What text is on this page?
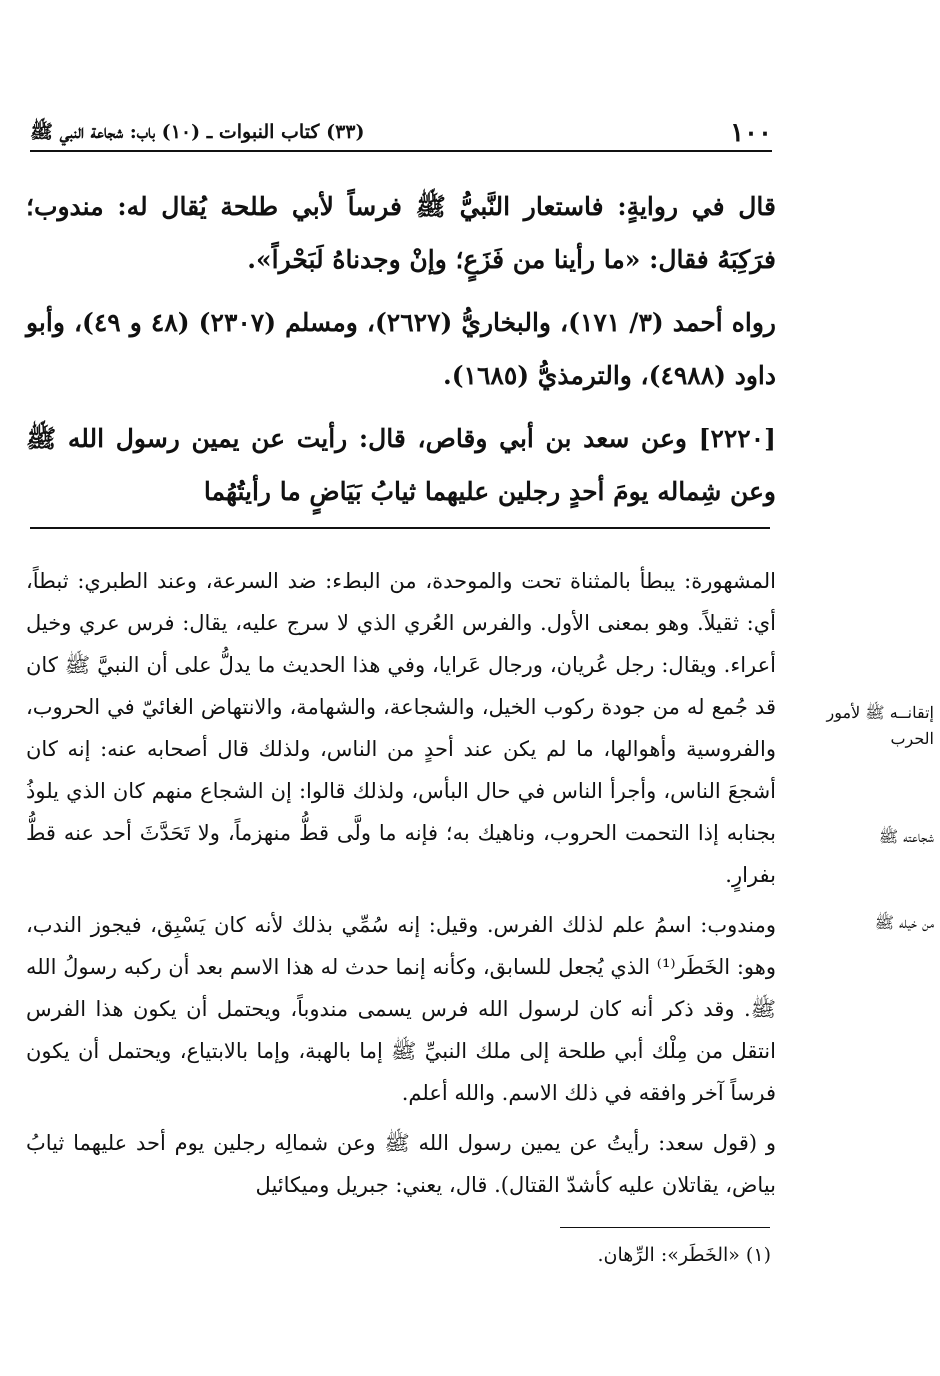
١٠٠
(٣٣) كتاب النبوات ـ (١٠) باب: شجاعة النبي ﷺ

قال في روايةٍ: فاستعار النَّبيُّ ﷺ فرساً لأبي طلحة يُقال له: مندوب؛ فرَكِبَهُ فقال: «ما رأينا من فَزَعٍ؛ وإنْ وجدناهُ لَبَحْراً».

رواه أحمد (٣/ ١٧١)، والبخاريُّ (٢٦٢٧)، ومسلم (٢٣٠٧) (٤٨ و ٤٩)، وأبو داود (٤٩٨٨)، والترمذيُّ (١٦٨٥).

[٢٢٢٠] وعن سعد بن أبي وقاص، قال: رأيت عن يمين رسول الله ﷺ وعن شِماله يومَ أحدٍ رجلين عليهما ثيابُ بَيَاضٍ ما رأيتُهُما

المشهورة: يبطأ بالمثناة تحت والموحدة، من البطء: ضد السرعة، وعند الطبري: ثبطاً، أي: ثقيلاً. وهو بمعنى الأول. والفرس العُري الذي لا سرج عليه، يقال: فرس عري وخيل أعراء. ويقال: رجل عُريان، ورجال عَرايا، وفي هذا الحديث ما يدلُّ على أن النبيَّ ﷺ كان قد جُمع له من جودة ركوب الخيل، والشجاعة، والشهامة، والانتهاض الغائيّ في الحروب، والفروسية وأهوالها، ما لم يكن عند أحدٍ من الناس، ولذلك قال أصحابه عنه: إنه كان أشجعَ الناس، وأجرأ الناس في حال البأس، ولذلك قالوا: إن الشجاع منهم كان الذي يلوذُ بجنابه إذا التحمت الحروب، وناهيك به؛ فإنه ما ولَّى قطُّ منهزماً، ولا تَحَدَّثَ أحد عنه قطُّ بفرارٍ.

ومندوب: اسمُ علم لذلك الفرس. وقيل: إنه سُمِّي بذلك لأنه كان يَسْبِق، فيجوز الندب، وهو: الخَطَر⁽¹⁾ الذي يُجعل للسابق، وكأنه إنما حدث له هذا الاسم بعد أن ركبه رسولُ الله ﷺ. وقد ذكر أنه كان لرسول الله فرس يسمى مندوباً، ويحتمل أن يكون هذا الفرس انتقل من مِلْك أبي طلحة إلى ملك النبيِّ ﷺ إما بالهبة، وإما بالابتياع، ويحتمل أن يكون فرساً آخر وافقه في ذلك الاسم. والله أعلم.

و (قول سعد: رأيتُ عن يمين رسول الله ﷺ وعن شمالِه رجلين يوم أحد عليهما ثيابُ بياض، يقاتلان عليه كأشدّ القتال). قال، يعني: جبريل وميكائيل

إتقانــه ﷺ لأمور الحرب
شجاعته ﷺ
من خيله ﷺ
(١) «الخَطَر»: الرِّهان.
